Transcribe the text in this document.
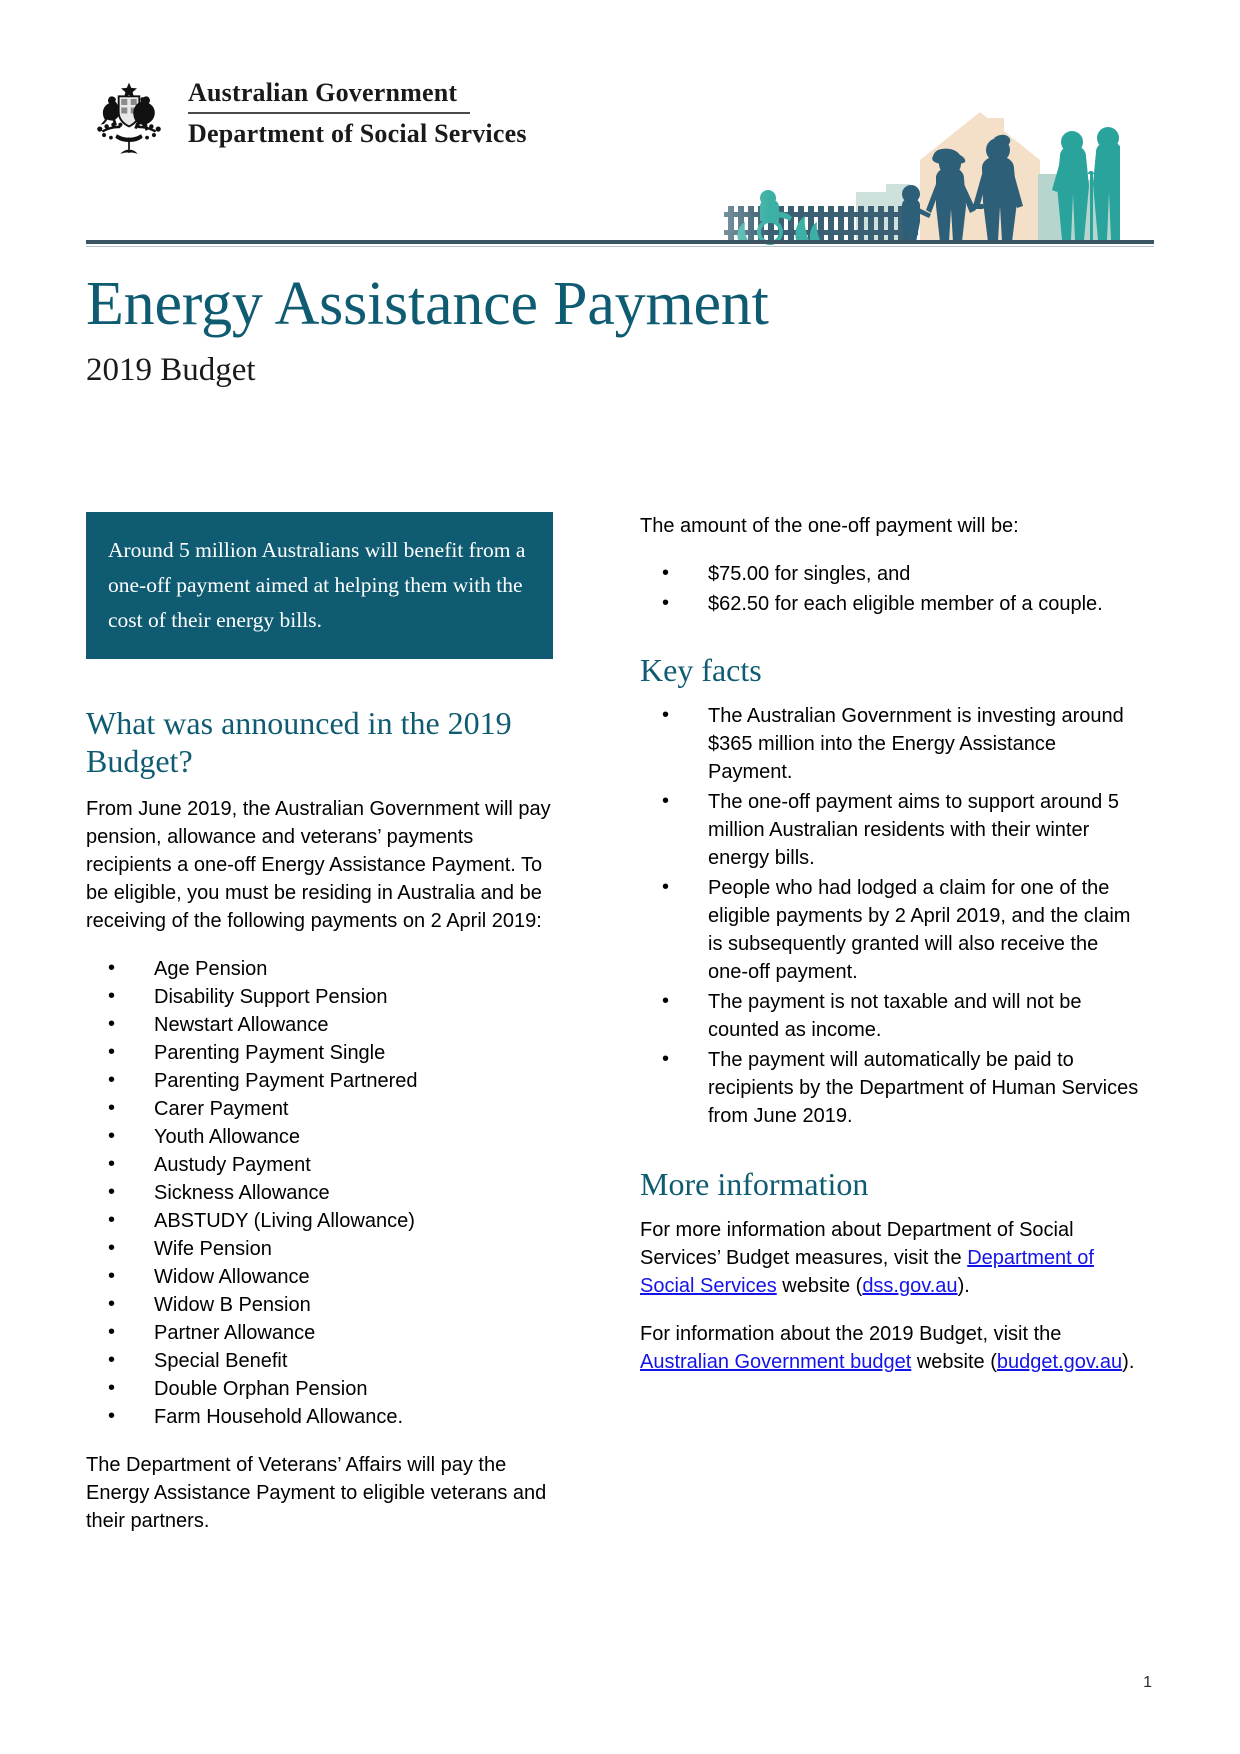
Australian Government
Department of Social Services
Energy Assistance Payment
2019 Budget

Around 5 million Australians will benefit from a one-off payment aimed at helping them with the cost of their energy bills.

What was announced in the 2019 Budget?

From June 2019, the Australian Government will pay pension, allowance and veterans’ payments recipients a one-off Energy Assistance Payment. To be eligible, you must be residing in Australia and be receiving of the following payments on 2 April 2019:

• Age Pension
• Disability Support Pension
• Newstart Allowance
• Parenting Payment Single
• Parenting Payment Partnered
• Carer Payment
• Youth Allowance
• Austudy Payment
• Sickness Allowance
• ABSTUDY (Living Allowance)
• Wife Pension
• Widow Allowance
• Widow B Pension
• Partner Allowance
• Special Benefit
• Double Orphan Pension
• Farm Household Allowance.

The Department of Veterans’ Affairs will pay the Energy Assistance Payment to eligible veterans and their partners.

The amount of the one-off payment will be:

• $75.00 for singles, and
• $62.50 for each eligible member of a couple.
Key facts
• The Australian Government is investing around $365 million into the Energy Assistance Payment.
• The one-off payment aims to support around 5 million Australian residents with their winter energy bills.
• People who had lodged a claim for one of the eligible payments by 2 April 2019, and the claim is subsequently granted will also receive the one-off payment.
• The payment is not taxable and will not be counted as income.
• The payment will automatically be paid to recipients by the Department of Human Services from June 2019.
More information

For more information about Department of Social Services’ Budget measures, visit the Department of Social Services website (dss.gov.au).

For information about the 2019 Budget, visit the Australian Government budget website (budget.gov.au).

1
